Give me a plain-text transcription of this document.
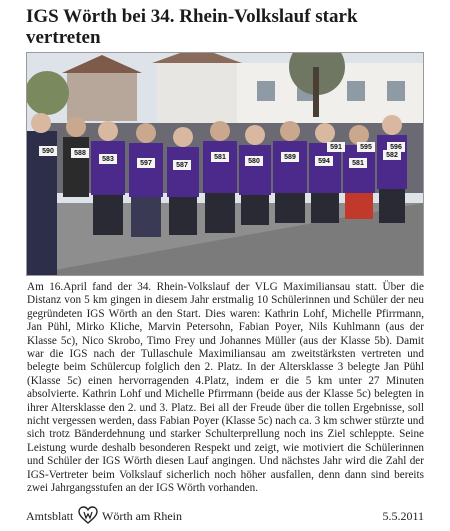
IGS Wörth bei 34. Rhein-Volkslauf stark vertreten
583
597	587
581
580
589
594	581
582
588
590
591	595	596
Am 16.April fand der 34. Rhein-Volkslauf der VLG Maximiliansau statt. Über die Distanz von 5 km gingen in diesem Jahr erstmalig 10 Schülerinnen und Schüler der neu gegründeten IGS Wörth an den Start. Dies waren: Kathrin Lohf, Michelle Pfirrmann, Jan Pühl, Mirko Kliche, Marvin Petersohn, Fabian Poyer, Nils Kuhlmann (aus der Klasse 5c), Nico Skrobo, Timo Frey und Johannes Müller (aus der Klasse 5b). Damit war die IGS nach der Tullaschule Maximiliansau am zweitstärksten vertreten und belegte beim Schülercup folglich den 2. Platz. In der Altersklasse 3 belegte Jan Pühl (Klasse 5c) einen hervorragenden 4.Platz, indem er die 5 km unter 27 Minuten absolvierte. Kathrin Lohf und Michelle Pfirrmann (beide aus der Klasse 5c) belegten in ihrer Altersklasse den 2. und 3. Platz. Bei all der Freude über die tollen Ergebnisse, soll nicht vergessen werden, dass Fabian Poyer (Klasse 5c) nach ca. 3 km schwer stürzte und sich trotz Bänderdehnung und starker Schulterprellung noch ins Ziel schleppte. Seine Leistung wurde deshalb besonderen Respekt und zeigt, wie motiviert die Schülerinnen und Schüler der IGS Wörth diesen Lauf angingen. Und nächstes Jahr wird die Zahl der IGS-Vertreter beim Volkslauf sicherlich noch höher ausfallen, denn dann sind bereits zwei Jahrgangsstufen an der IGS Wörth vorhanden.
Amtsblatt Wörth am Rhein	5.5.2011
